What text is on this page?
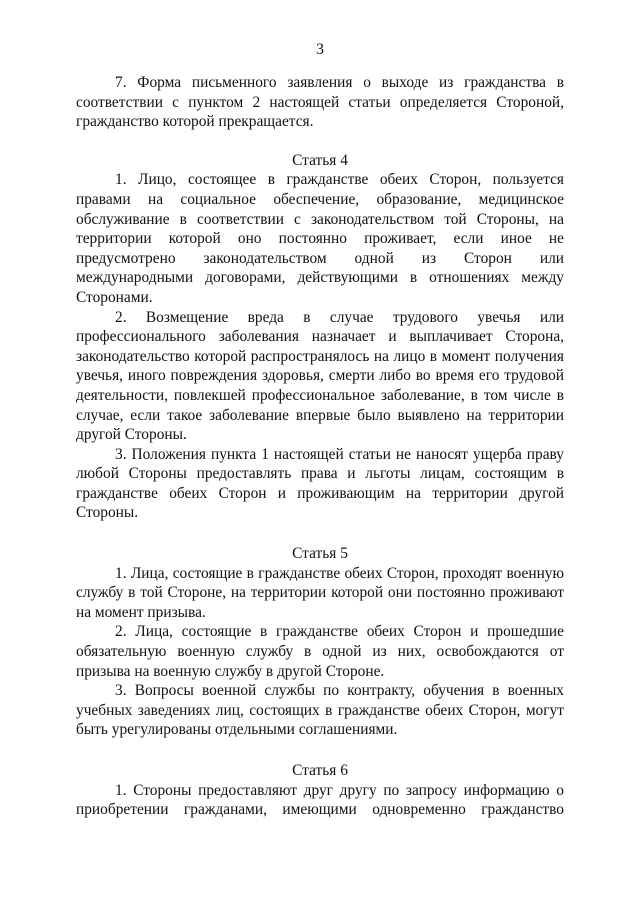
3

7. Форма письменного заявления о выходе из гражданства в соответствии с пунктом 2 настоящей статьи определяется Стороной, гражданство которой прекращается.

Статья 4

1. Лицо, состоящее в гражданстве обеих Сторон, пользуется правами на социальное обеспечение, образование, медицинское обслуживание в соответствии с законодательством той Стороны, на территории которой оно постоянно проживает, если иное не предусмотрено законодательством одной из Сторон или международными договорами, действующими в отношениях между Сторонами.

2. Возмещение вреда в случае трудового увечья или профессионального заболевания назначает и выплачивает Сторона, законодательство которой распространялось на лицо в момент получения увечья, иного повреждения здоровья, смерти либо во время его трудовой деятельности, повлекшей профессиональное заболевание, в том числе в случае, если такое заболевание впервые было выявлено на территории другой Стороны.

3. Положения пункта 1 настоящей статьи не наносят ущерба праву любой Стороны предоставлять права и льготы лицам, состоящим в гражданстве обеих Сторон и проживающим на территории другой Стороны.

Статья 5

1. Лица, состоящие в гражданстве обеих Сторон, проходят военную службу в той Стороне, на территории которой они постоянно проживают на момент призыва.

2. Лица, состоящие в гражданстве обеих Сторон и прошедшие обязательную военную службу в одной из них, освобождаются от призыва на военную службу в другой Стороне.

3. Вопросы военной службы по контракту, обучения в военных учебных заведениях лиц, состоящих в гражданстве обеих Сторон, могут быть урегулированы отдельными соглашениями.

Статья 6

1. Стороны предоставляют друг другу по запросу информацию о приобретении гражданами, имеющими одновременно гражданство
